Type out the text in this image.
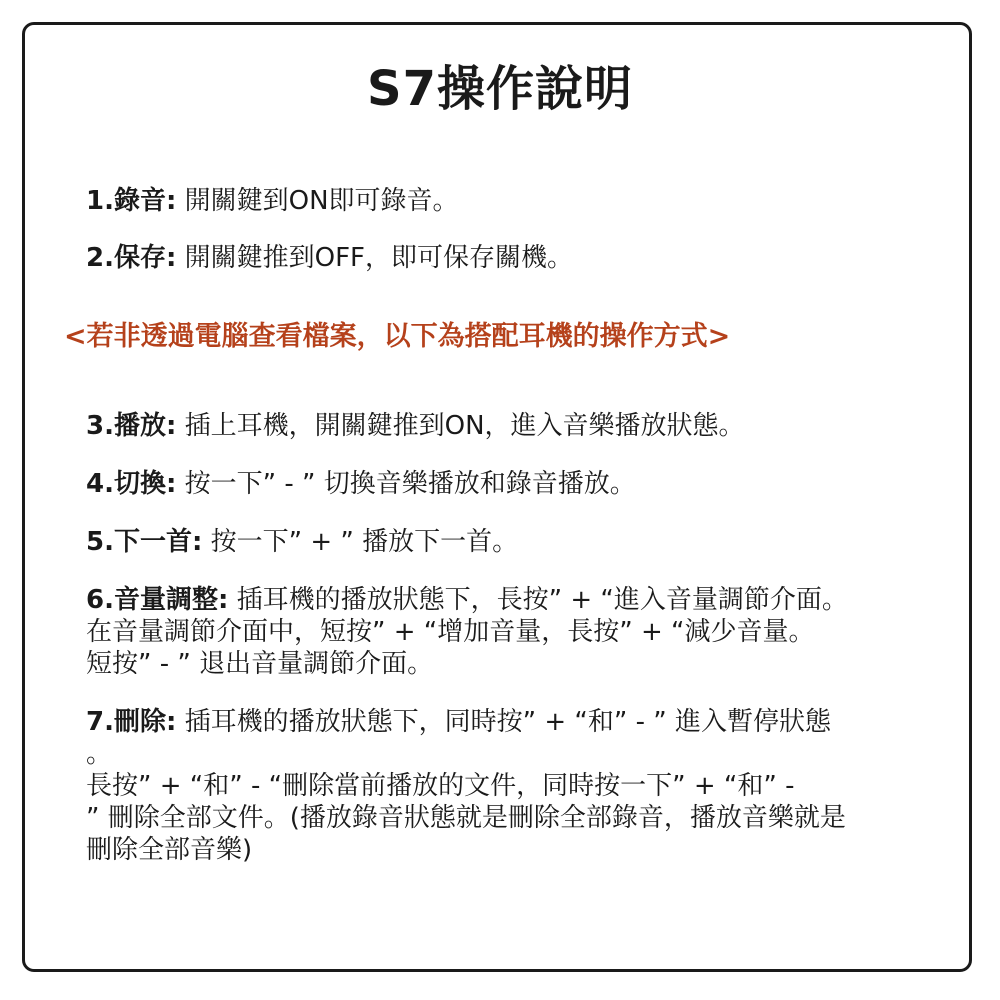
S7操作說明
1.錄音: 開關鍵到ON即可錄音。
2.保存: 開關鍵推到OFF，即可保存關機。
<若非透過電腦查看檔案，以下為搭配耳機的操作方式>
3.播放: 插上耳機，開關鍵推到ON，進入音樂播放狀態。
4.切換: 按一下” - ” 切換音樂播放和錄音播放。
5.下一首: 按一下” + ” 播放下一首。
6.音量調整: 插耳機的播放狀態下，長按” + “進入音量調節介面。
在音量調節介面中，短按” + “增加音量，長按” + “減少音量。
短按” - ” 退出音量調節介面。
7.刪除: 插耳機的播放狀態下，同時按” + “和” - ” 進入暫停狀態
。
長按” + “和” - “刪除當前播放的文件，同時按一下” + “和” -
” 刪除全部文件。(播放錄音狀態就是刪除全部錄音，播放音樂就是
刪除全部音樂)
